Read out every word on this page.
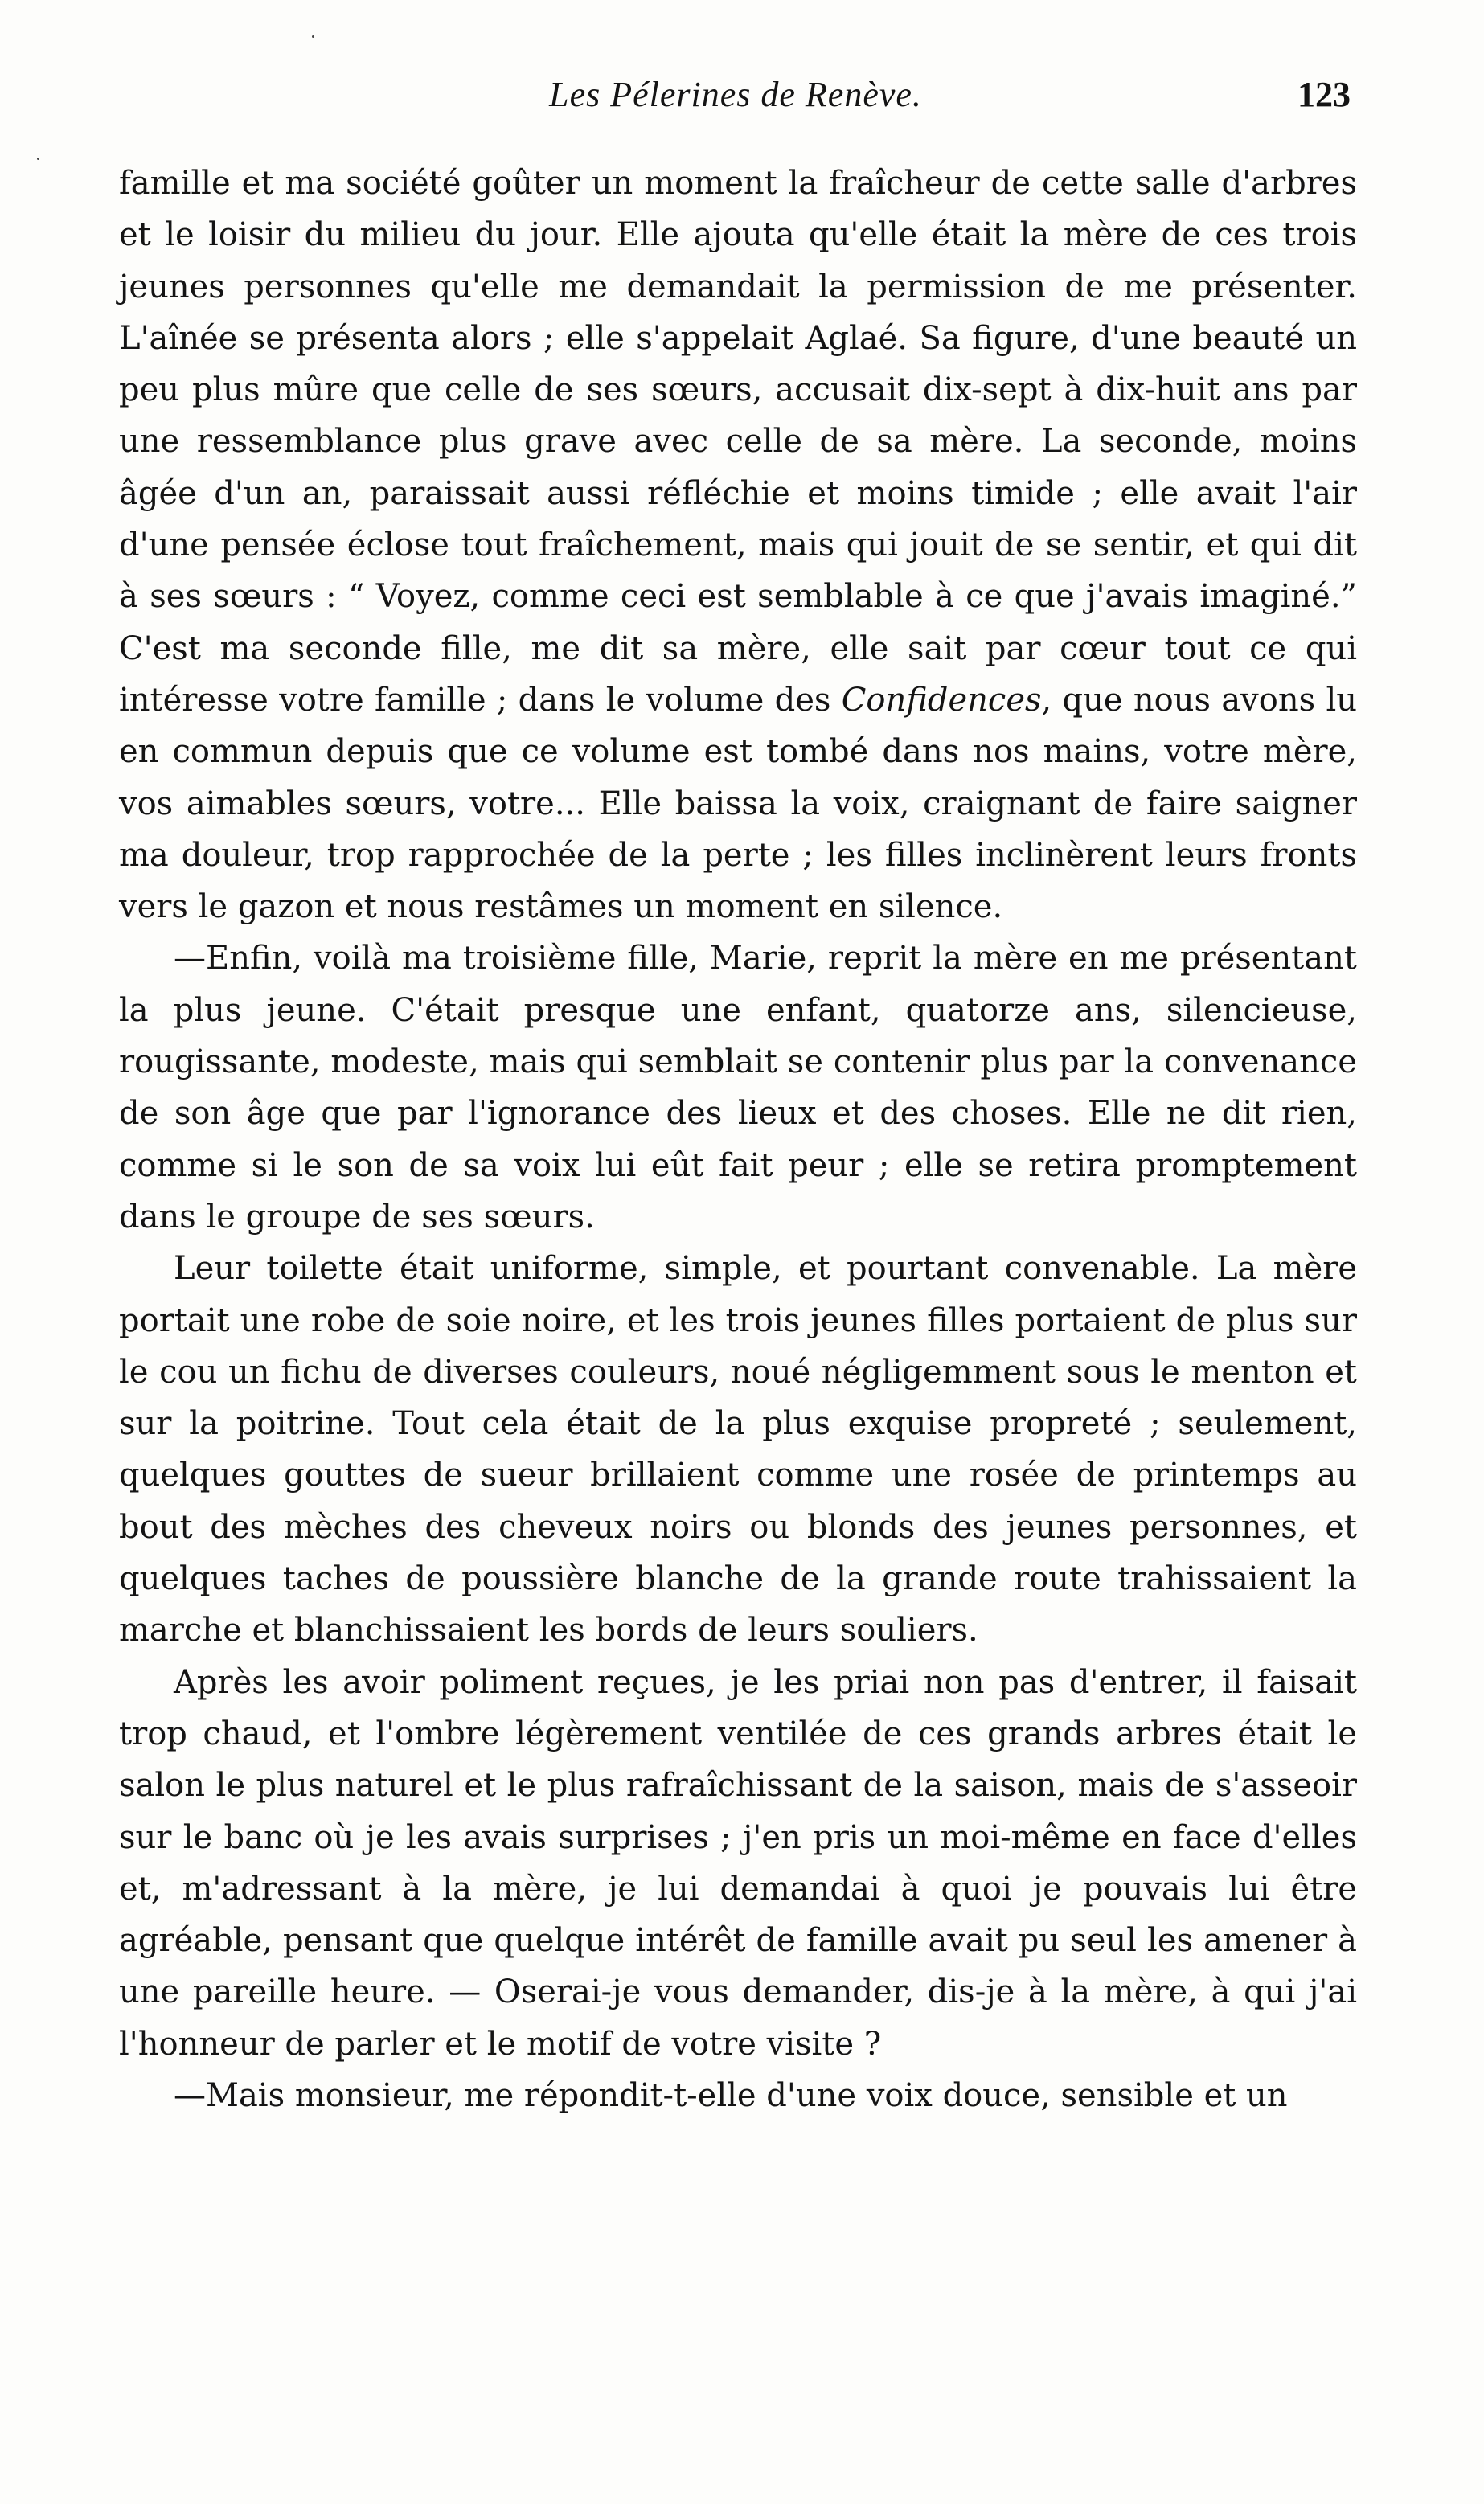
Les Pélerines de Renève.	123

famille et ma société goûter un moment la fraîcheur de cette salle d'arbres et le loisir du milieu du jour. Elle ajouta qu'elle était la mère de ces trois jeunes personnes qu'elle me demandait la permission de me présenter. L'aînée se présenta alors ; elle s'appelait Aglaé. Sa figure, d'une beauté un peu plus mûre que celle de ses sœurs, accusait dix-sept à dix-huit ans par une ressemblance plus grave avec celle de sa mère. La seconde, moins âgée d'un an, paraissait aussi réfléchie et moins timide ; elle avait l'air d'une pensée éclose tout fraîchement, mais qui jouit de se sentir, et qui dit à ses sœurs : “ Voyez, comme ceci est semblable à ce que j'avais imaginé.” C'est ma seconde fille, me dit sa mère, elle sait par cœur tout ce qui intéresse votre famille ; dans le volume des Confidences, que nous avons lu en commun depuis que ce volume est tombé dans nos mains, votre mère, vos aimables sœurs, votre... Elle baissa la voix, craignant de faire saigner ma douleur, trop rapprochée de la perte ; les filles inclinèrent leurs fronts vers le gazon et nous restâmes un moment en silence.

—Enfin, voilà ma troisième fille, Marie, reprit la mère en me présentant la plus jeune. C'était presque une enfant, quatorze ans, silencieuse, rougissante, modeste, mais qui semblait se contenir plus par la convenance de son âge que par l'ignorance des lieux et des choses. Elle ne dit rien, comme si le son de sa voix lui eût fait peur ; elle se retira promptement dans le groupe de ses sœurs.

Leur toilette était uniforme, simple, et pourtant convenable. La mère portait une robe de soie noire, et les trois jeunes filles portaient de plus sur le cou un fichu de diverses couleurs, noué négligemment sous le menton et sur la poitrine. Tout cela était de la plus exquise propreté ; seulement, quelques gouttes de sueur brillaient comme une rosée de printemps au bout des mèches des cheveux noirs ou blonds des jeunes personnes, et quelques taches de poussière blanche de la grande route trahissaient la marche et blanchissaient les bords de leurs souliers.

Après les avoir poliment reçues, je les priai non pas d'entrer, il faisait trop chaud, et l'ombre légèrement ventilée de ces grands arbres était le salon le plus naturel et le plus rafraîchissant de la saison, mais de s'asseoir sur le banc où je les avais surprises ; j'en pris un moi-même en face d'elles et, m'adressant à la mère, je lui demandai à quoi je pouvais lui être agréable, pensant que quelque intérêt de famille avait pu seul les amener à une pareille heure. — Oserai-je vous demander, dis-je à la mère, à qui j'ai l'honneur de parler et le motif de votre visite ?

—Mais monsieur, me répondit-t-elle d'une voix douce, sensible et un
